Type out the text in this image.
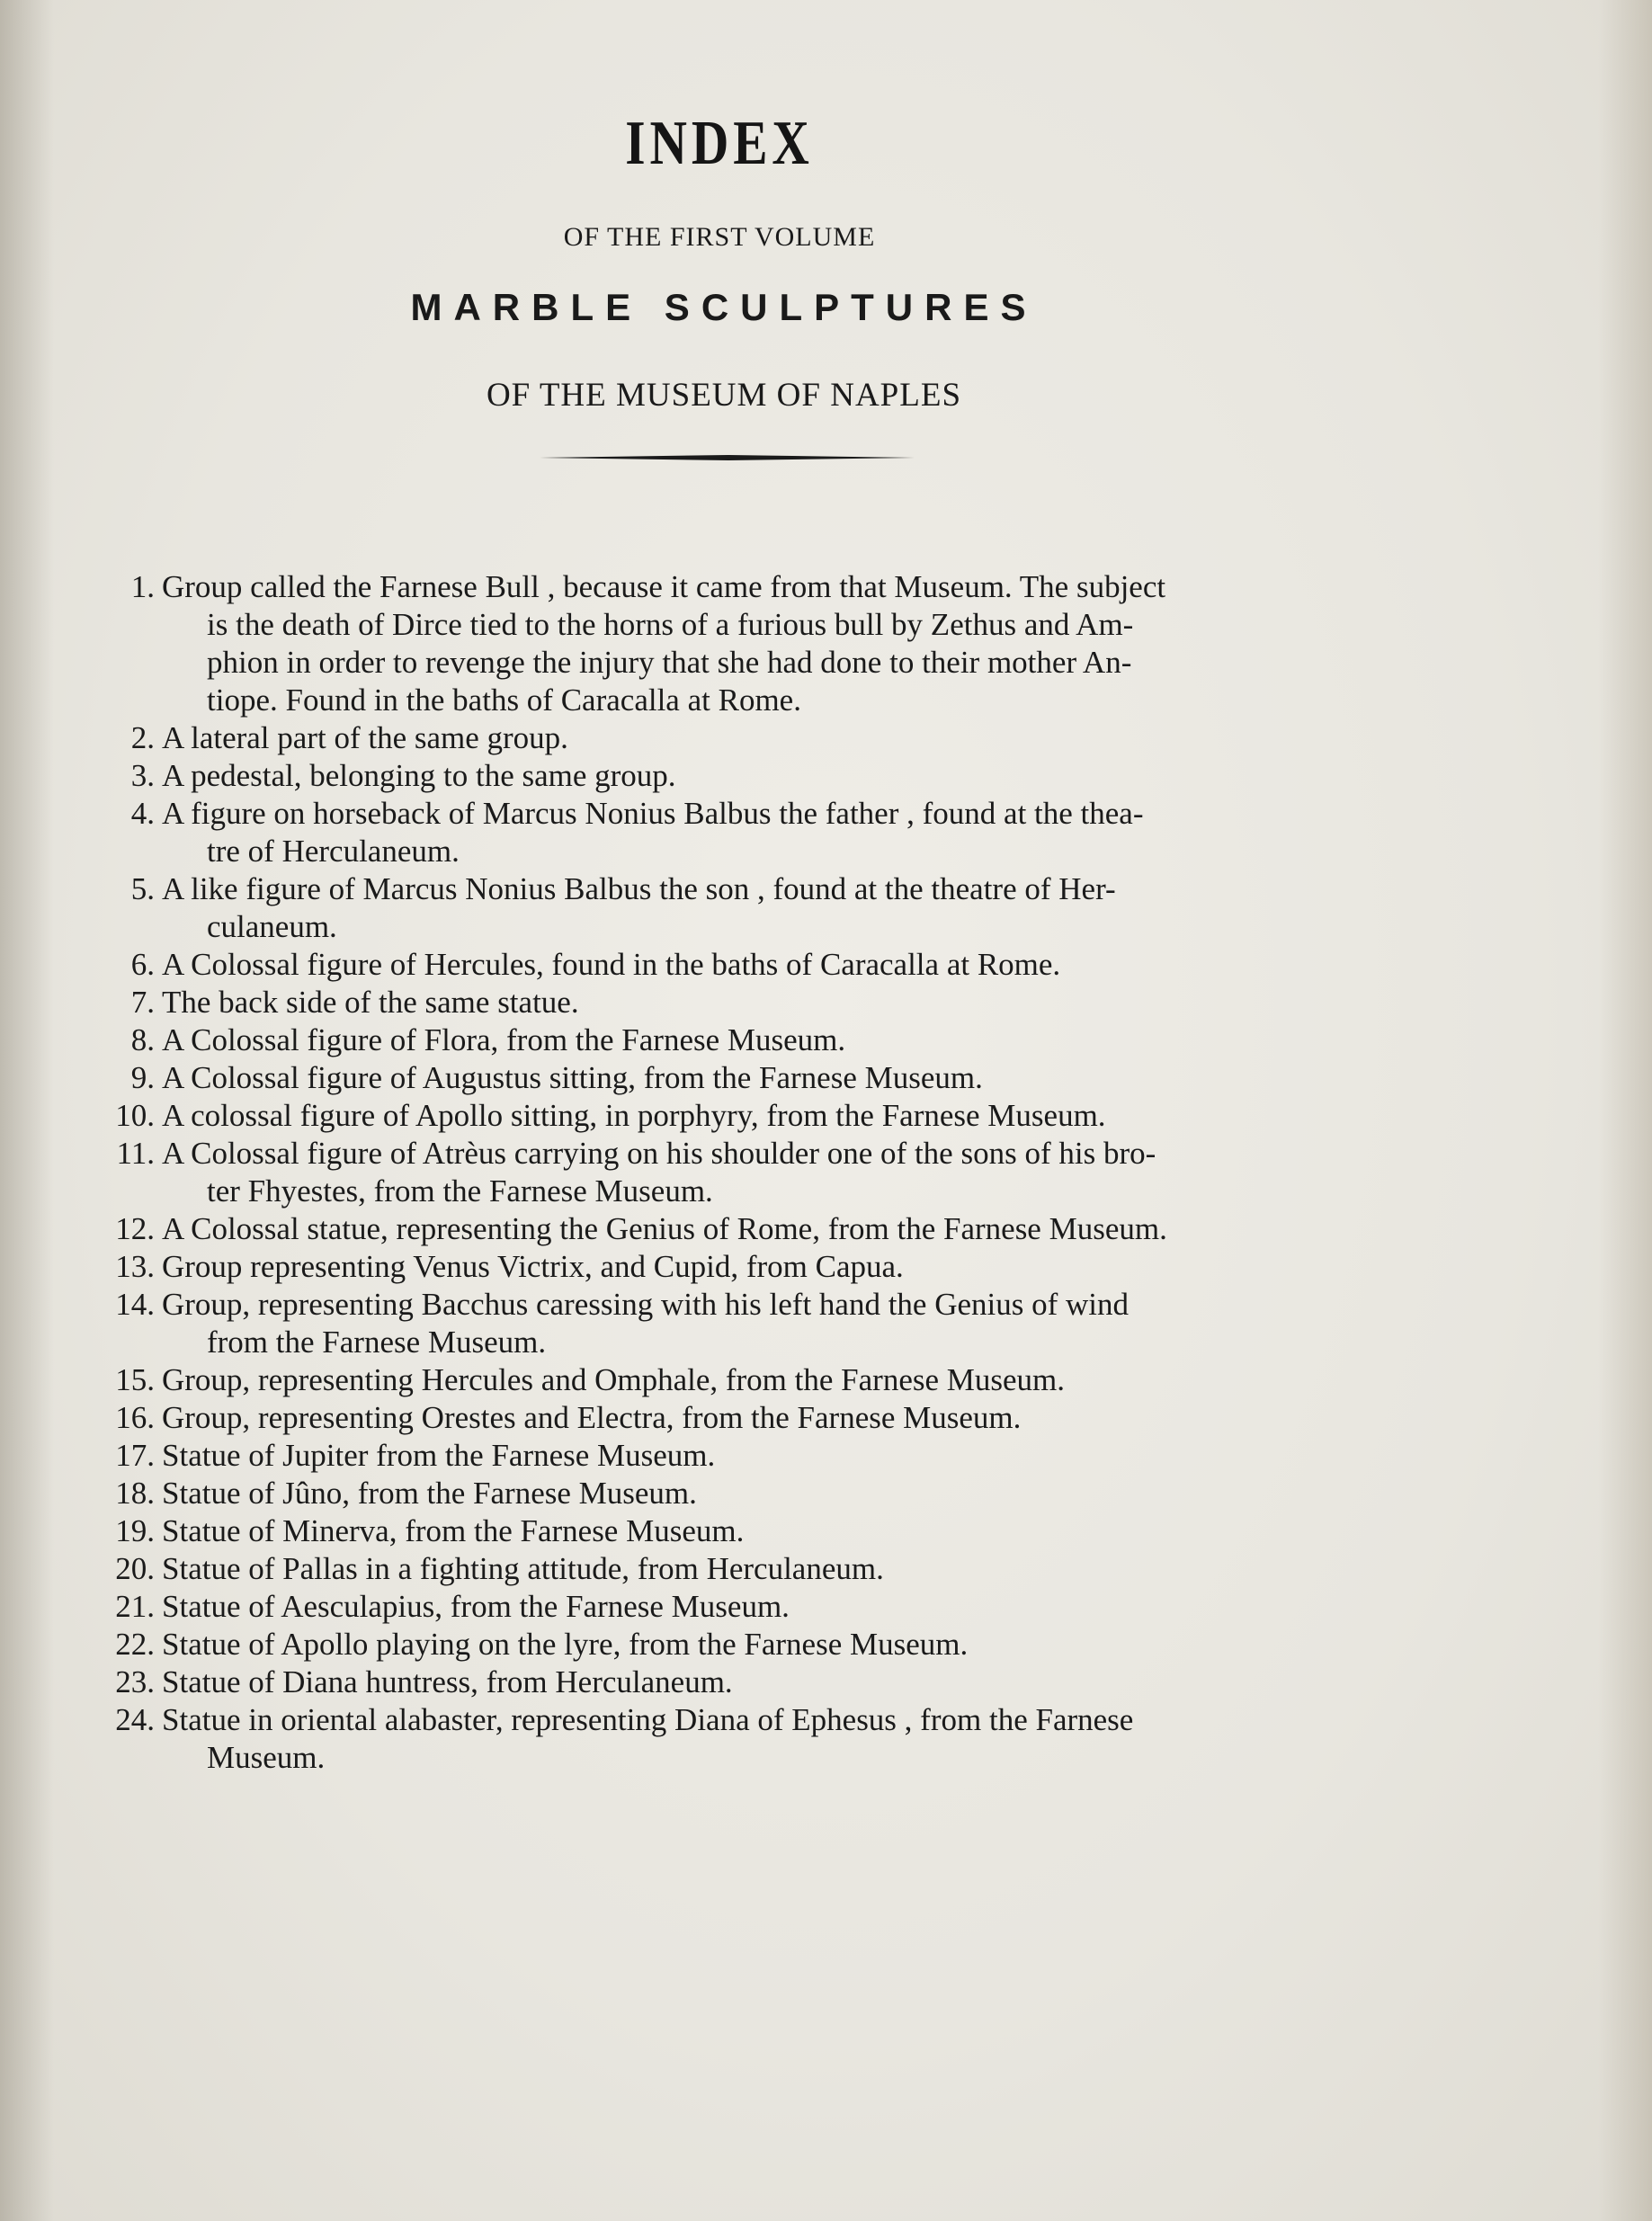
INDEX
OF THE FIRST VOLUME
MARBLE SCULPTURES
OF THE MUSEUM OF NAPLES
1. Group called the Farnese Bull , because it came from that Museum. The subject
is the death of Dirce tied to the horns of a furious bull by Zethus and Am-
phion in order to revenge the injury that she had done to their mother An-
tiope. Found in the baths of Caracalla at Rome.
2. A lateral part of the same group.
3. A pedestal, belonging to the same group.
4. A figure on horseback of Marcus Nonius Balbus the father , found at the thea-
tre of Herculaneum.
5. A like figure of Marcus Nonius Balbus the son , found at the theatre of Her-
culaneum.
6. A Colossal figure of Hercules, found in the baths of Caracalla at Rome.
7. The back side of the same statue.
8. A Colossal figure of Flora, from the Farnese Museum.
9. A Colossal figure of Augustus sitting, from the Farnese Museum.
10. A colossal figure of Apollo sitting, in porphyry, from the Farnese Museum.
11. A Colossal figure of Atrèus carrying on his shoulder one of the sons of his bro-
ter Fhyestes, from the Farnese Museum.
12. A Colossal statue, representing the Genius of Rome, from the Farnese Museum.
13. Group representing Venus Victrix, and Cupid, from Capua.
14. Group, representing Bacchus caressing with his left hand the Genius of wind
from the Farnese Museum.
15. Group, representing Hercules and Omphale, from the Farnese Museum.
16. Group, representing Orestes and Electra, from the Farnese Museum.
17. Statue of Jupiter from the Farnese Museum.
18. Statue of Jûno, from the Farnese Museum.
19. Statue of Minerva, from the Farnese Museum.
20. Statue of Pallas in a fighting attitude, from Herculaneum.
21. Statue of Aesculapius, from the Farnese Museum.
22. Statue of Apollo playing on the lyre, from the Farnese Museum.
23. Statue of Diana huntress, from Herculaneum.
24. Statue in oriental alabaster, representing Diana of Ephesus , from the Farnese
Museum.
